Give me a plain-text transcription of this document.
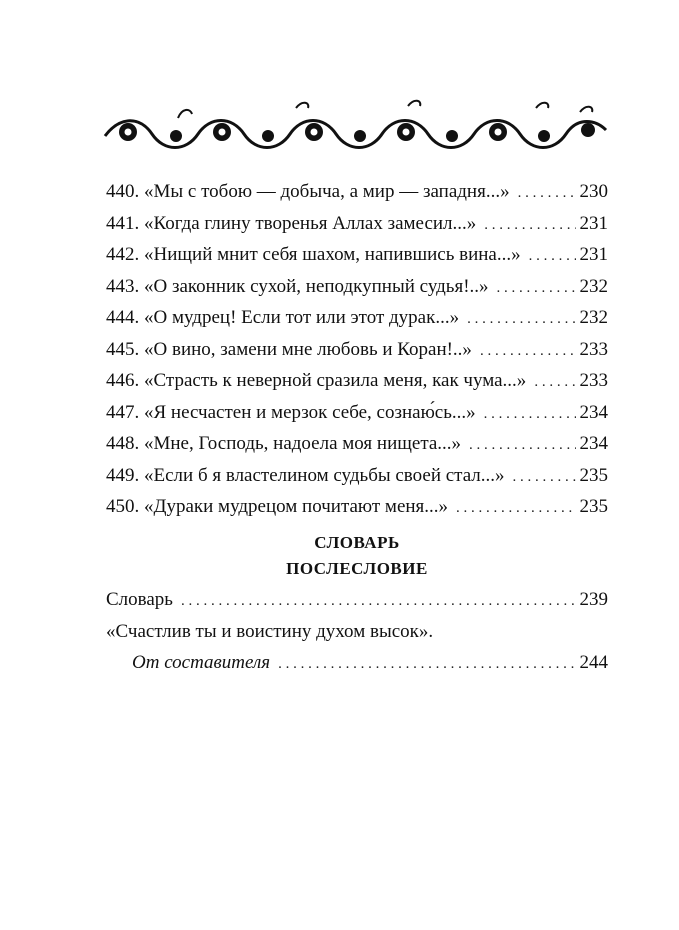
440. «Мы с тобою — добыча, а мир — западня...» . . .	230
441. «Когда глину творенья Аллах замесил...» . . .	231
442. «Нищий мнит себя шахом, напившись вина...» . . .	231
443. «О законник сухой, неподкупный судья!..» . . .	232
444. «О мудрец! Если тот или этот дурак...» . . .	232
445. «О вино, замени мне любовь и Коран!..» . . .	233
446. «Страсть к неверной сразила меня, как чума...» . . .	233
447. «Я несчастен и мерзок себе, сознаю́сь...» . . .	234
448. «Мне, Господь, надоела моя нищета...» . . .	234
449. «Если б я властелином судьбы своей стал...» . . .	235
450. «Дураки мудрецом почитают меня...» . . .	235
СЛОВАРЬ
ПОСЛЕСЛОВИЕ
Словарь . . .	239
«Счастлив ты и воистину духом высок».
От составителя . . .	244
